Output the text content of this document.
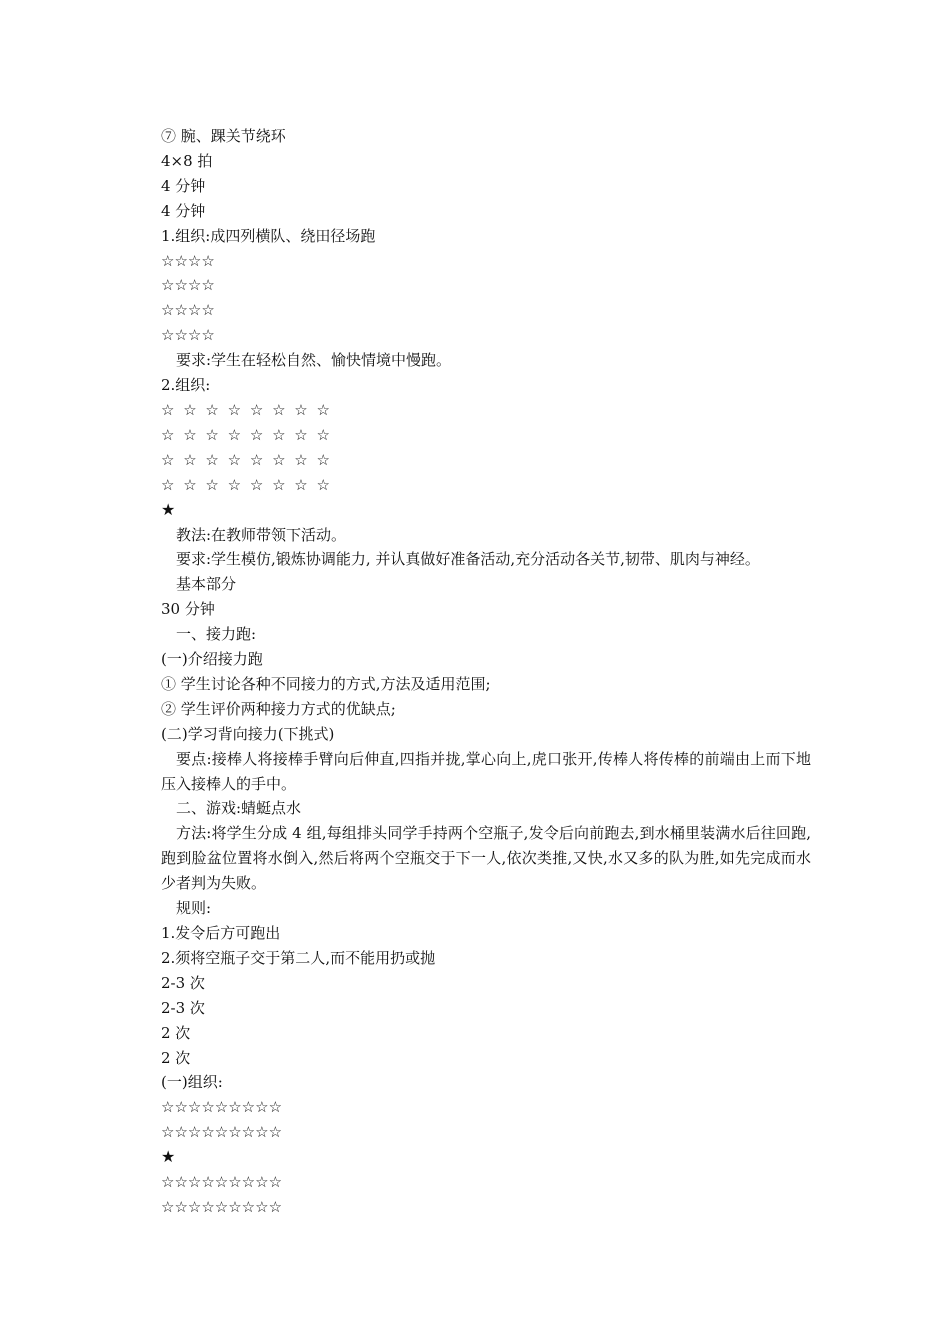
⑦ 腕、踝关节绕环
4×8 拍
4 分钟
4 分钟
1.组织:成四列横队、绕田径场跑
☆☆☆☆
☆☆☆☆
☆☆☆☆
☆☆☆☆
要求:学生在轻松自然、愉快情境中慢跑。
2.组织:
☆ ☆ ☆ ☆ ☆ ☆ ☆ ☆
☆ ☆ ☆ ☆ ☆ ☆ ☆ ☆
☆ ☆ ☆ ☆ ☆ ☆ ☆ ☆
☆ ☆ ☆ ☆ ☆ ☆ ☆ ☆
★
教法:在教师带领下活动。
要求:学生模仿,锻炼协调能力, 并认真做好准备活动,充分活动各关节,韧带、肌肉与神经。
基本部分
30 分钟
一、接力跑:
(一)介绍接力跑
① 学生讨论各种不同接力的方式,方法及适用范围;
② 学生评价两种接力方式的优缺点;
(二)学习背向接力(下挑式)
要点:接棒人将接棒手臂向后伸直,四指并拢,掌心向上,虎口张开,传棒人将传棒的前端由上而下地压入接棒人的手中。
二、游戏:蜻蜓点水
方法:将学生分成 4 组,每组排头同学手持两个空瓶子,发令后向前跑去,到水桶里装满水后往回跑,跑到脸盆位置将水倒入,然后将两个空瓶交于下一人,依次类推,又快,水又多的队为胜,如先完成而水少者判为失败。
规则:
1.发令后方可跑出
2.须将空瓶子交于第二人,而不能用扔或抛
2-3 次
2-3 次
2 次
2 次
(一)组织:
☆☆☆☆☆☆☆☆☆
☆☆☆☆☆☆☆☆☆
★
☆☆☆☆☆☆☆☆☆
☆☆☆☆☆☆☆☆☆
